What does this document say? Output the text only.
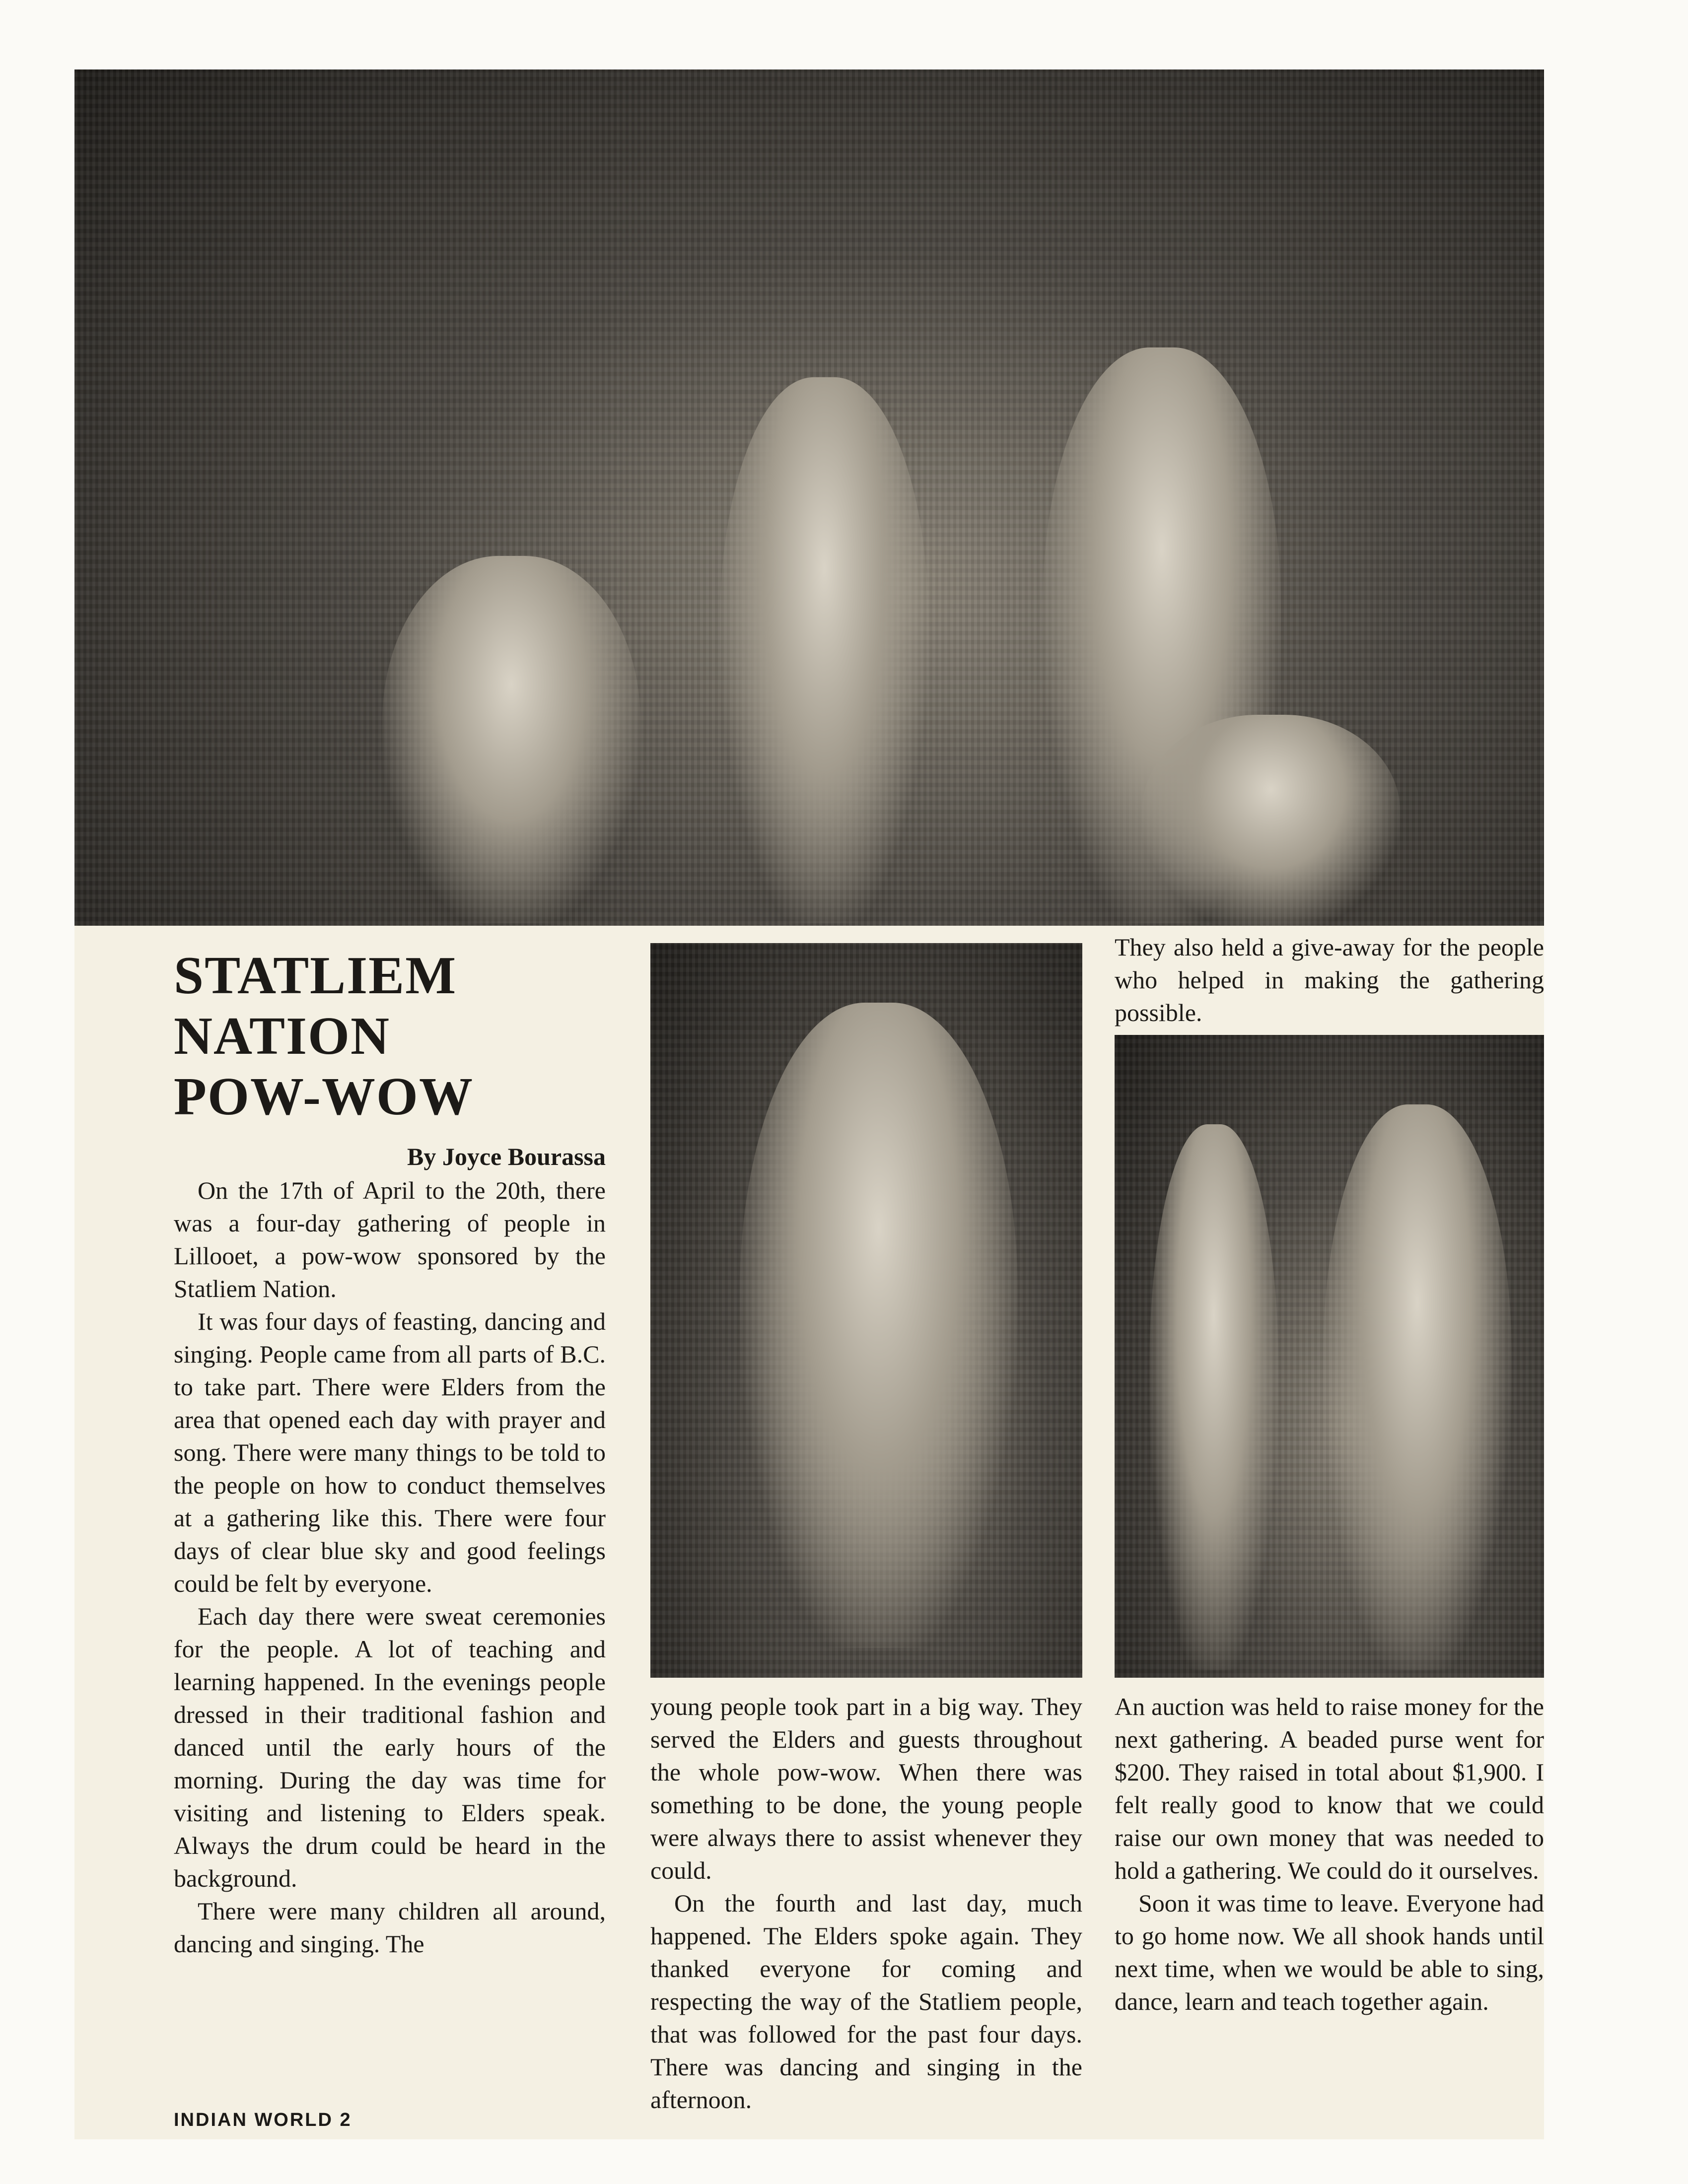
STATLIEM
NATION
POW-WOW
By Joyce Bourassa

On the 17th of April to the 20th, there was a four-day gathering of people in Lillooet, a pow-wow sponsored by the Statliem Nation.

It was four days of feasting, dancing and singing. People came from all parts of B.C. to take part. There were Elders from the area that opened each day with prayer and song. There were many things to be told to the people on how to conduct themselves at a gathering like this. There were four days of clear blue sky and good feelings could be felt by everyone.

Each day there were sweat ceremonies for the people. A lot of teaching and learning happened. In the evenings people dressed in their traditional fashion and danced until the early hours of the morning. During the day was time for visiting and listening to Elders speak. Always the drum could be heard in the background.

There were many children all around, dancing and singing. The

young people took part in a big way. They served the Elders and guests throughout the whole pow-wow. When there was something to be done, the young people were always there to assist whenever they could.

On the fourth and last day, much happened. The Elders spoke again. They thanked everyone for coming and respecting the way of the Statliem people, that was followed for the past four days. There was dancing and singing in the afternoon.

They also held a give-away for the people who helped in making the gathering possible.

An auction was held to raise money for the next gathering. A beaded purse went for $200. They raised in total about $1,900. I felt really good to know that we could raise our own money that was needed to hold a gathering. We could do it ourselves.

Soon it was time to leave. Everyone had to go home now. We all shook hands until next time, when we would be able to sing, dance, learn and teach together again.

INDIAN WORLD 2
